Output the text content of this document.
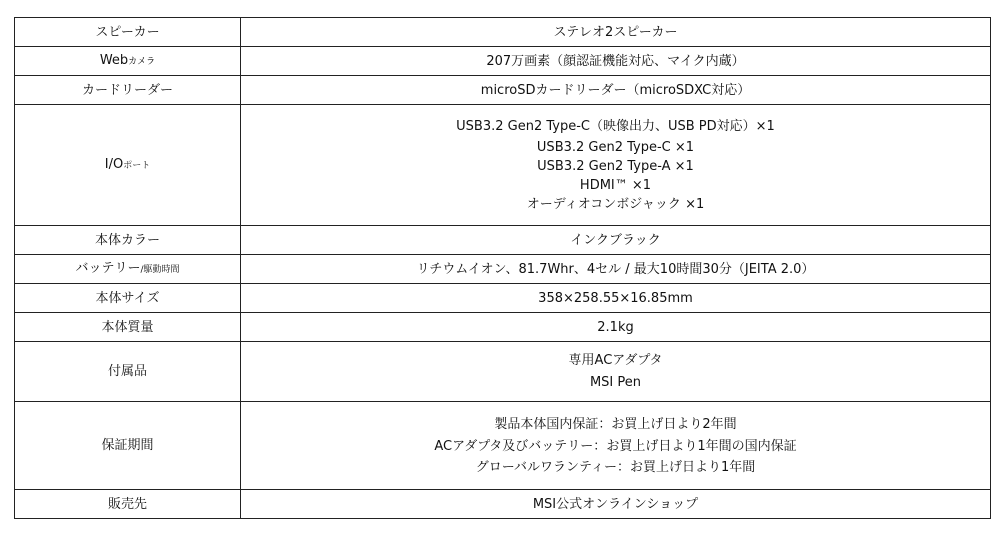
スピーカー	ステレオ2スピーカー

Webカメラ	207万画素（顔認証機能対応、マイク内蔵）

カードリーダー	microSDカードリーダー（microSDXC対応）

I/Oポート	USB3.2 Gen2 Type-C（映像出力、USB PD対応）×1
USB3.2 Gen2 Type-C ×1
USB3.2 Gen2 Type-A ×1
HDMI™ ×1
オーディオコンボジャック ×1

本体カラー	インクブラック

バッテリー/駆動時間	リチウムイオン、81.7Whr、4セル / 最大10時間30分（JEITA 2.0）

本体サイズ	358×258.55×16.85mm

本体質量	2.1kg

付属品	専用ACアダプタ
MSI Pen

保証期間	製品本体国内保証：お買上げ日より2年間
ACアダプタ及びバッテリー：お買上げ日より1年間の国内保証
グローバルワランティー：お買上げ日より1年間

販売先	MSI公式オンラインショップ
